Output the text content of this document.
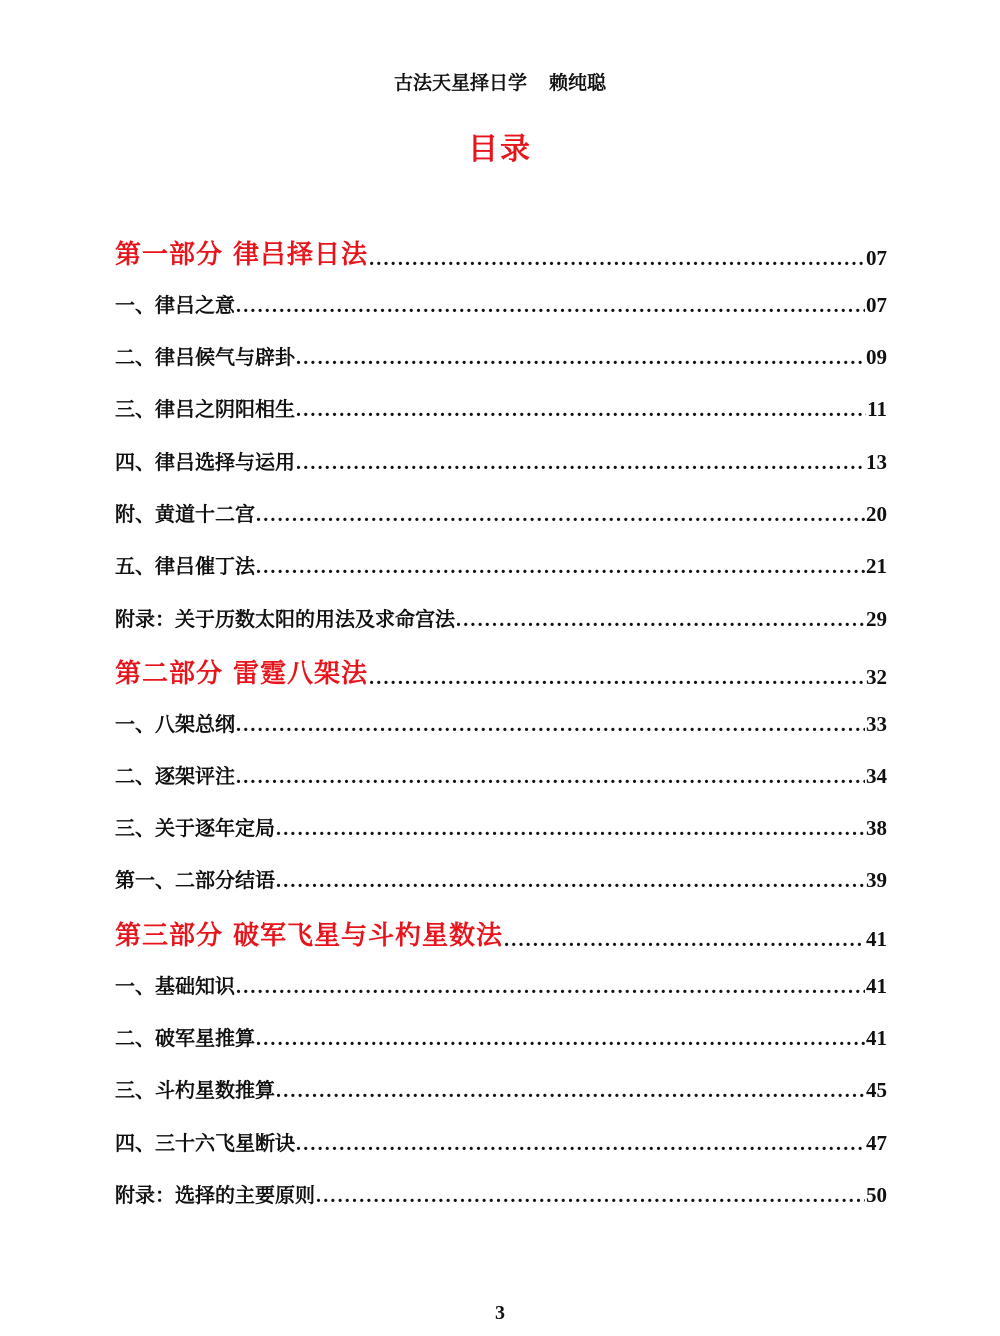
古法天星择日学 赖纯聪
目录
第一部分 律吕择日法 .....	07
一、律吕之意 .....	07
二、律吕候气与辟卦 .....	09
三、律吕之阴阳相生 .....	11
四、律吕选择与运用 .....	13
附、黄道十二宫 .....	20
五、律吕催丁法 .....	21
附录：关于历数太阳的用法及求命宫法 .....	29
第二部分 雷霆八架法 .....	32
一、八架总纲 .....	33
二、逐架评注 .....	34
三、关于逐年定局 .....	38
第一、二部分结语 .....	39
第三部分 破军飞星与斗杓星数法 .....	41
一、基础知识 .....	41
二、破军星推算 .....	41
三、斗杓星数推算 .....	45
四、三十六飞星断诀 .....	47
附录：选择的主要原则 .....	50
3
